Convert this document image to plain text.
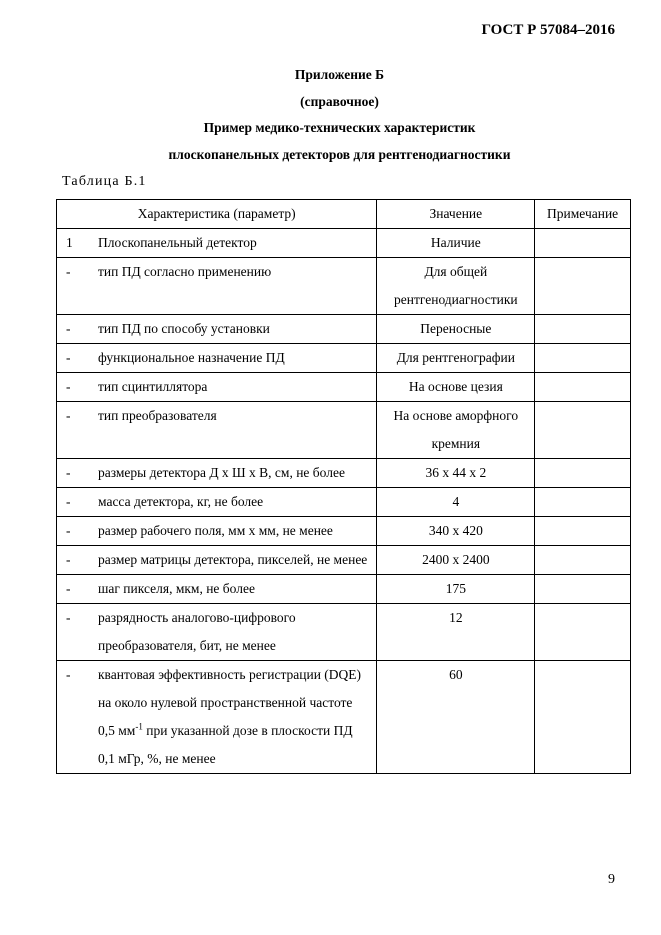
ГОСТ Р 57084–2016
Приложение Б
(справочное)
Пример медико-технических характеристик
плоскопанельных детекторов для рентгенодиагностики
Таблица Б.1
Характеристика (параметр)	Значение	Примечание

1 Плоскопанельный детектор	Наличие	

- тип ПД согласно применению	Для общей рентгенодиагностики	

- тип ПД по способу установки	Переносные	

- функциональное назначение ПД	Для рентгенографии	

- тип сцинтиллятора	На основе цезия	

- тип преобразователя	На основе аморфного кремния	

- размеры детектора Д х Ш х В, см, не более	36 х 44 х 2	

- масса детектора, кг, не более	4	

- размер рабочего поля, мм х мм, не менее	340 х 420	

- размер матрицы детектора, пикселей, не менее	2400 х 2400	

- шаг пикселя, мкм, не более	175	

- разрядность аналогово-цифрового преобразователя, бит, не менее	12	

- квантовая эффективность регистрации (DQE) на около нулевой пространственной частоте 0,5 $мм^{-1}$ при указанной дозе в плоскости ПД 0,1 мГр, %, не менее	60	

9
